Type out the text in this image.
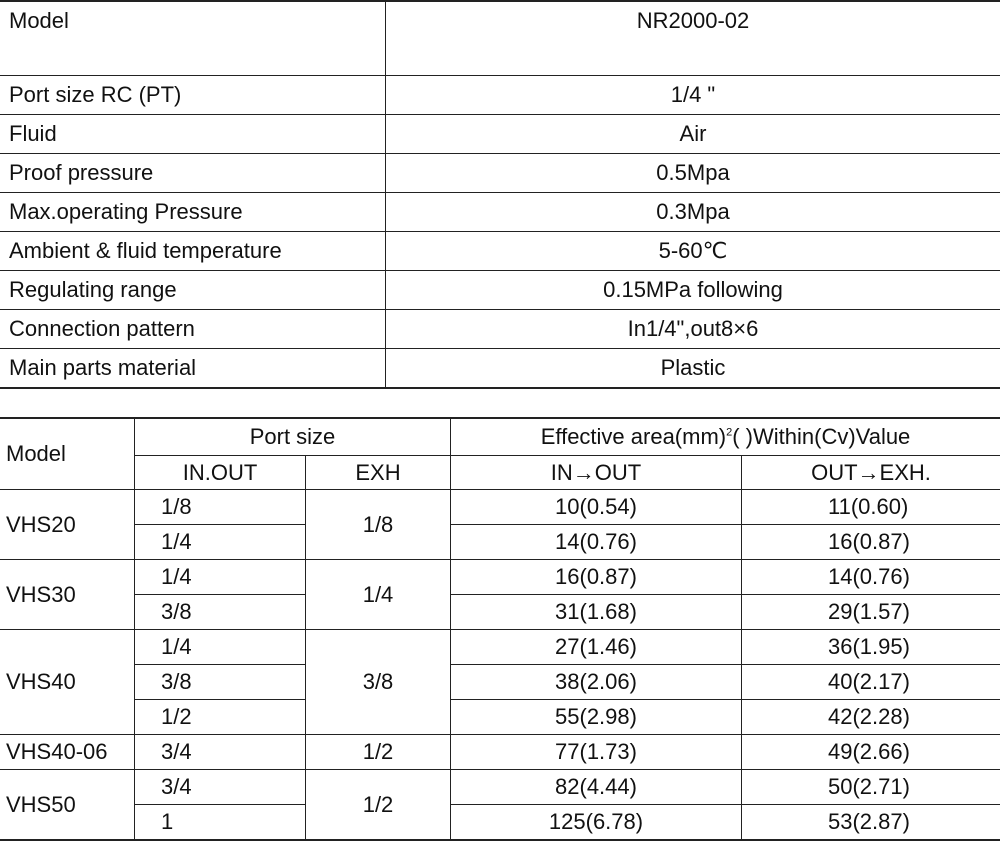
Model	NR2000-02
Port size RC (PT)	1/4 "
Fluid	Air
Proof pressure	0.5Mpa
Max.operating Pressure	0.3Mpa
Ambient & fluid temperature	5-60℃
Regulating range	0.15MPa following
Connection pattern	In1/4",out8×6
Main parts material	Plastic
Model	Port size		Effective area(mm)$^2$( )Within(Cv)Value	
	IN.OUT	EXH	IN→OUT	OUT→EXH.
VHS20	1/8	1/8	10(0.54)	11(0.60)
	1/4		14(0.76)	16(0.87)
VHS30	1/4	1/4	16(0.87)	14(0.76)
	3/8		31(1.68)	29(1.57)
VHS40	1/4	3/8	27(1.46)	36(1.95)
	3/8		38(2.06)	40(2.17)
	1/2		55(2.98)	42(2.28)
VHS40-06	3/4	1/2	77(1.73)	49(2.66)
VHS50	3/4	1/2	82(4.44)	50(2.71)
	1		125(6.78)	53(2.87)
